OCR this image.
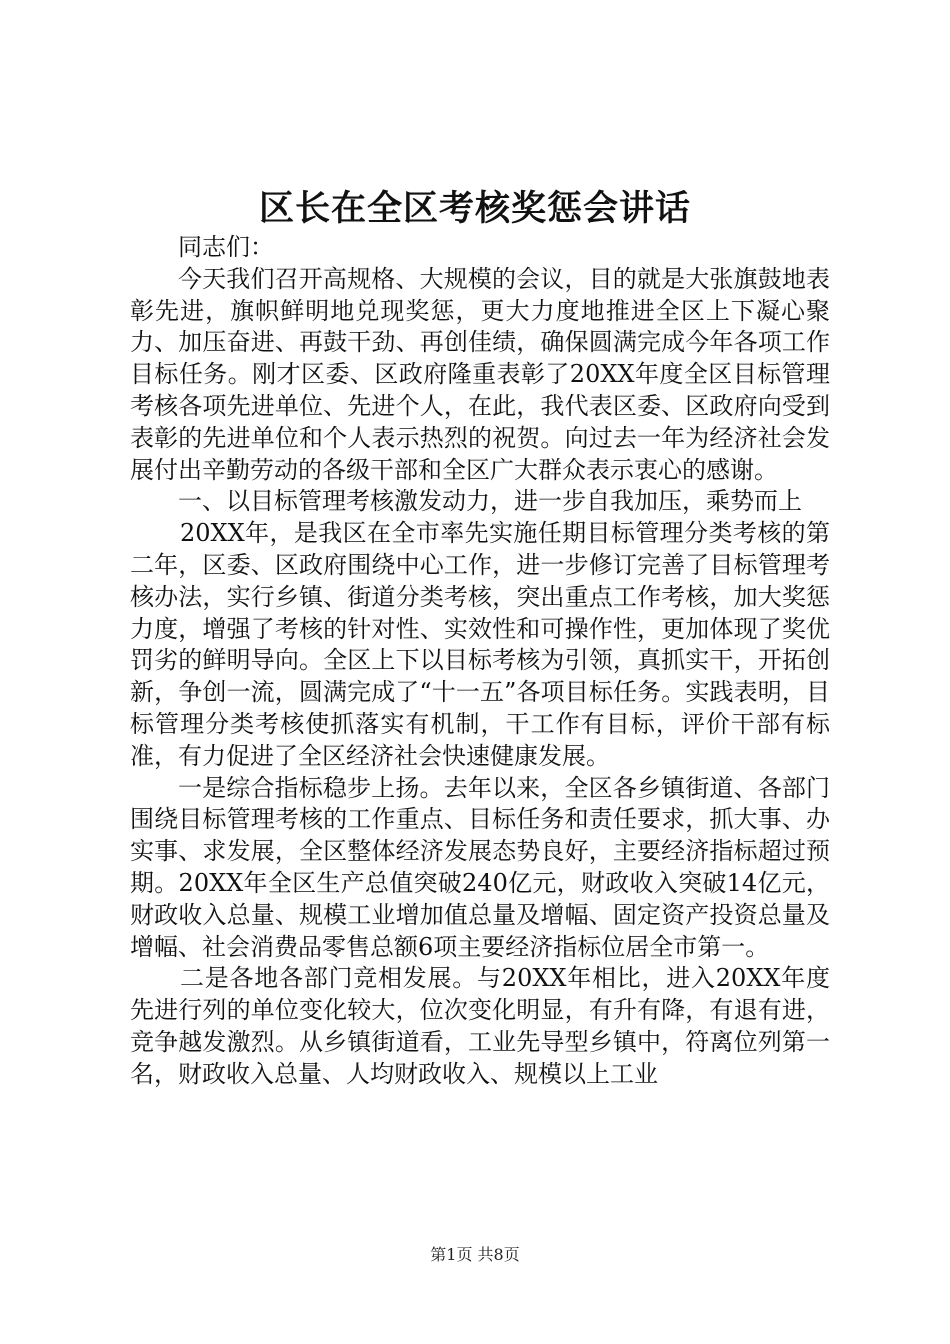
区长在全区考核奖惩会讲话

同志们：

今天我们召开高规格、大规模的会议，目的就是大张旗鼓地表彰先进，旗帜鲜明地兑现奖惩，更大力度地推进全区上下凝心聚力、加压奋进、再鼓干劲、再创佳绩，确保圆满完成今年各项工作目标任务。刚才区委、区政府隆重表彰了20XX年度全区目标管理考核各项先进单位、先进个人，在此，我代表区委、区政府向受到表彰的先进单位和个人表示热烈的祝贺。向过去一年为经济社会发展付出辛勤劳动的各级干部和全区广大群众表示衷心的感谢。

一、以目标管理考核激发动力，进一步自我加压，乘势而上

20XX年，是我区在全市率先实施任期目标管理分类考核的第二年，区委、区政府围绕中心工作，进一步修订完善了目标管理考核办法，实行乡镇、街道分类考核，突出重点工作考核，加大奖惩力度，增强了考核的针对性、实效性和可操作性，更加体现了奖优罚劣的鲜明导向。全区上下以目标考核为引领，真抓实干，开拓创新，争创一流，圆满完成了“十一五”各项目标任务。实践表明，目标管理分类考核使抓落实有机制，干工作有目标，评价干部有标准，有力促进了全区经济社会快速健康发展。

一是综合指标稳步上扬。去年以来，全区各乡镇街道、各部门围绕目标管理考核的工作重点、目标任务和责任要求，抓大事、办实事、求发展，全区整体经济发展态势良好，主要经济指标超过预期。20XX年全区生产总值突破240亿元，财政收入突破14亿元，财政收入总量、规模工业增加值总量及增幅、固定资产投资总量及增幅、社会消费品零售总额6项主要经济指标位居全市第一。

二是各地各部门竞相发展。与20XX年相比，进入20XX年度先进行列的单位变化较大，位次变化明显，有升有降，有退有进，竞争越发激烈。从乡镇街道看，工业先导型乡镇中，符离位列第一名，财政收入总量、人均财政收入、规模以上工业

第1页 共8页
